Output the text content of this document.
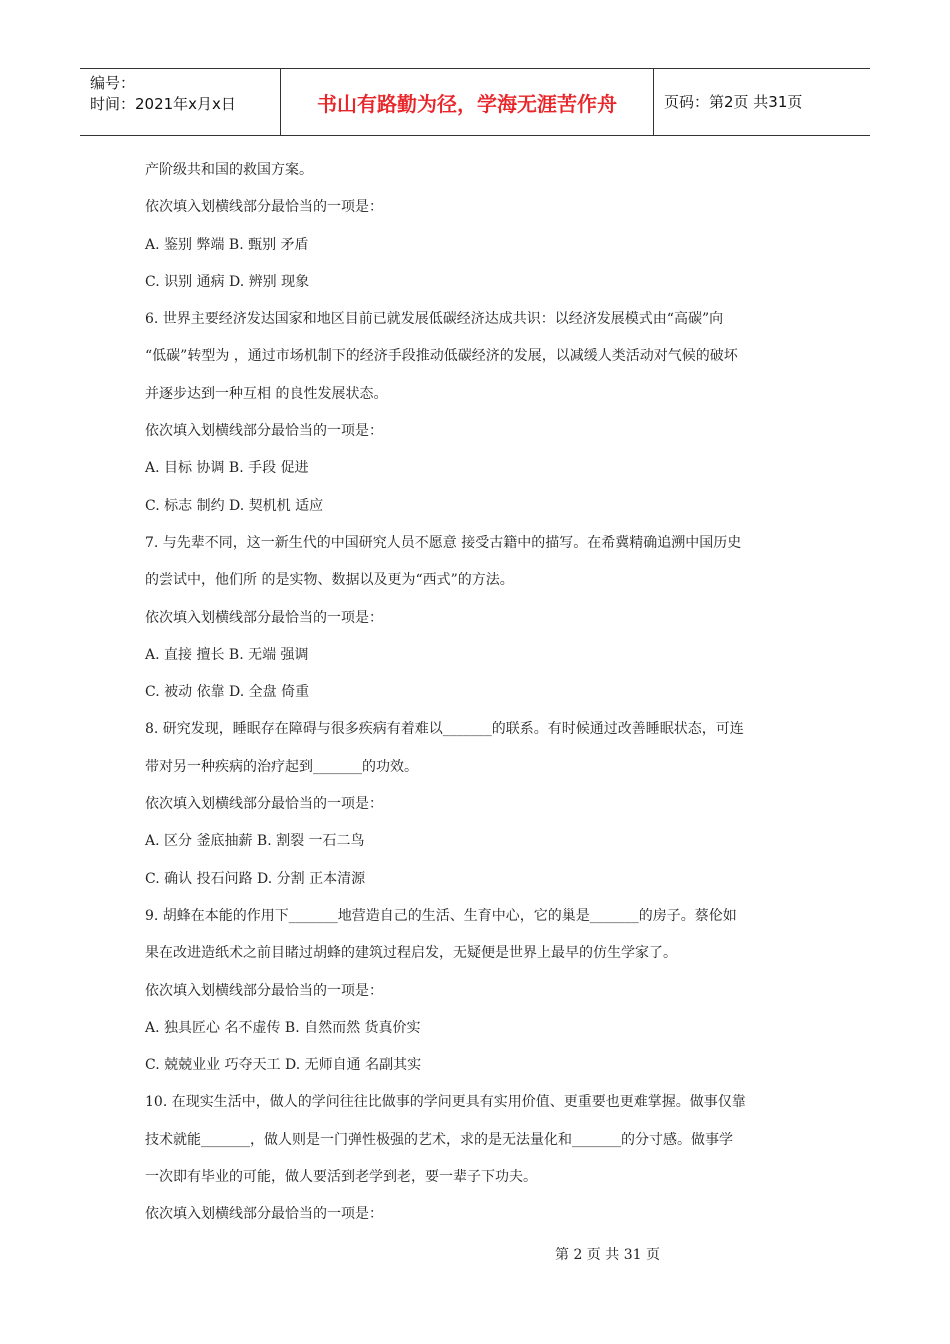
编号：
时间：2021年x月x日	书山有路勤为径，学海无涯苦作舟	页码：第2页 共31页
产阶级共和国的救国方案。
依次填入划横线部分最恰当的一项是：
A. 鉴别 弊端 B. 甄别 矛盾
C. 识别 通病 D. 辨别 现象
6. 世界主要经济发达国家和地区目前已就发展低碳经济达成共识：以经济发展模式由“高碳”向
“低碳”转型为 ，通过市场机制下的经济手段推动低碳经济的发展，以减缓人类活动对气候的破坏
并逐步达到一种互相 的良性发展状态。
依次填入划横线部分最恰当的一项是：
A. 目标 协调 B. 手段 促进
C. 标志 制约 D. 契机机 适应
7. 与先辈不同，这一新生代的中国研究人员不愿意 接受古籍中的描写。在希冀精确追溯中国历史
的尝试中，他们所 的是实物、数据以及更为“西式”的方法。
依次填入划横线部分最恰当的一项是：
A. 直接 擅长 B. 无端 强调
C. 被动 依靠 D. 全盘 倚重
8. 研究发现，睡眠存在障碍与很多疾病有着难以_______的联系。有时候通过改善睡眠状态，可连
带对另一种疾病的治疗起到_______的功效。
依次填入划横线部分最恰当的一项是：
A. 区分 釜底抽薪 B. 割裂 一石二鸟
C. 确认 投石问路 D. 分割 正本清源
9. 胡蜂在本能的作用下_______地营造自己的生活、生育中心，它的巢是_______的房子。蔡伦如
果在改进造纸术之前目睹过胡蜂的建筑过程启发，无疑便是世界上最早的仿生学家了。
依次填入划横线部分最恰当的一项是：
A. 独具匠心 名不虚传 B. 自然而然 货真价实
C. 兢兢业业 巧夺天工 D. 无师自通 名副其实
10. 在现实生活中，做人的学问往往比做事的学问更具有实用价值、更重要也更难掌握。做事仅靠
技术就能_______，做人则是一门弹性极强的艺术，求的是无法量化和_______的分寸感。做事学
一次即有毕业的可能，做人要活到老学到老，要一辈子下功夫。
依次填入划横线部分最恰当的一项是：
第 2 页 共 31 页
